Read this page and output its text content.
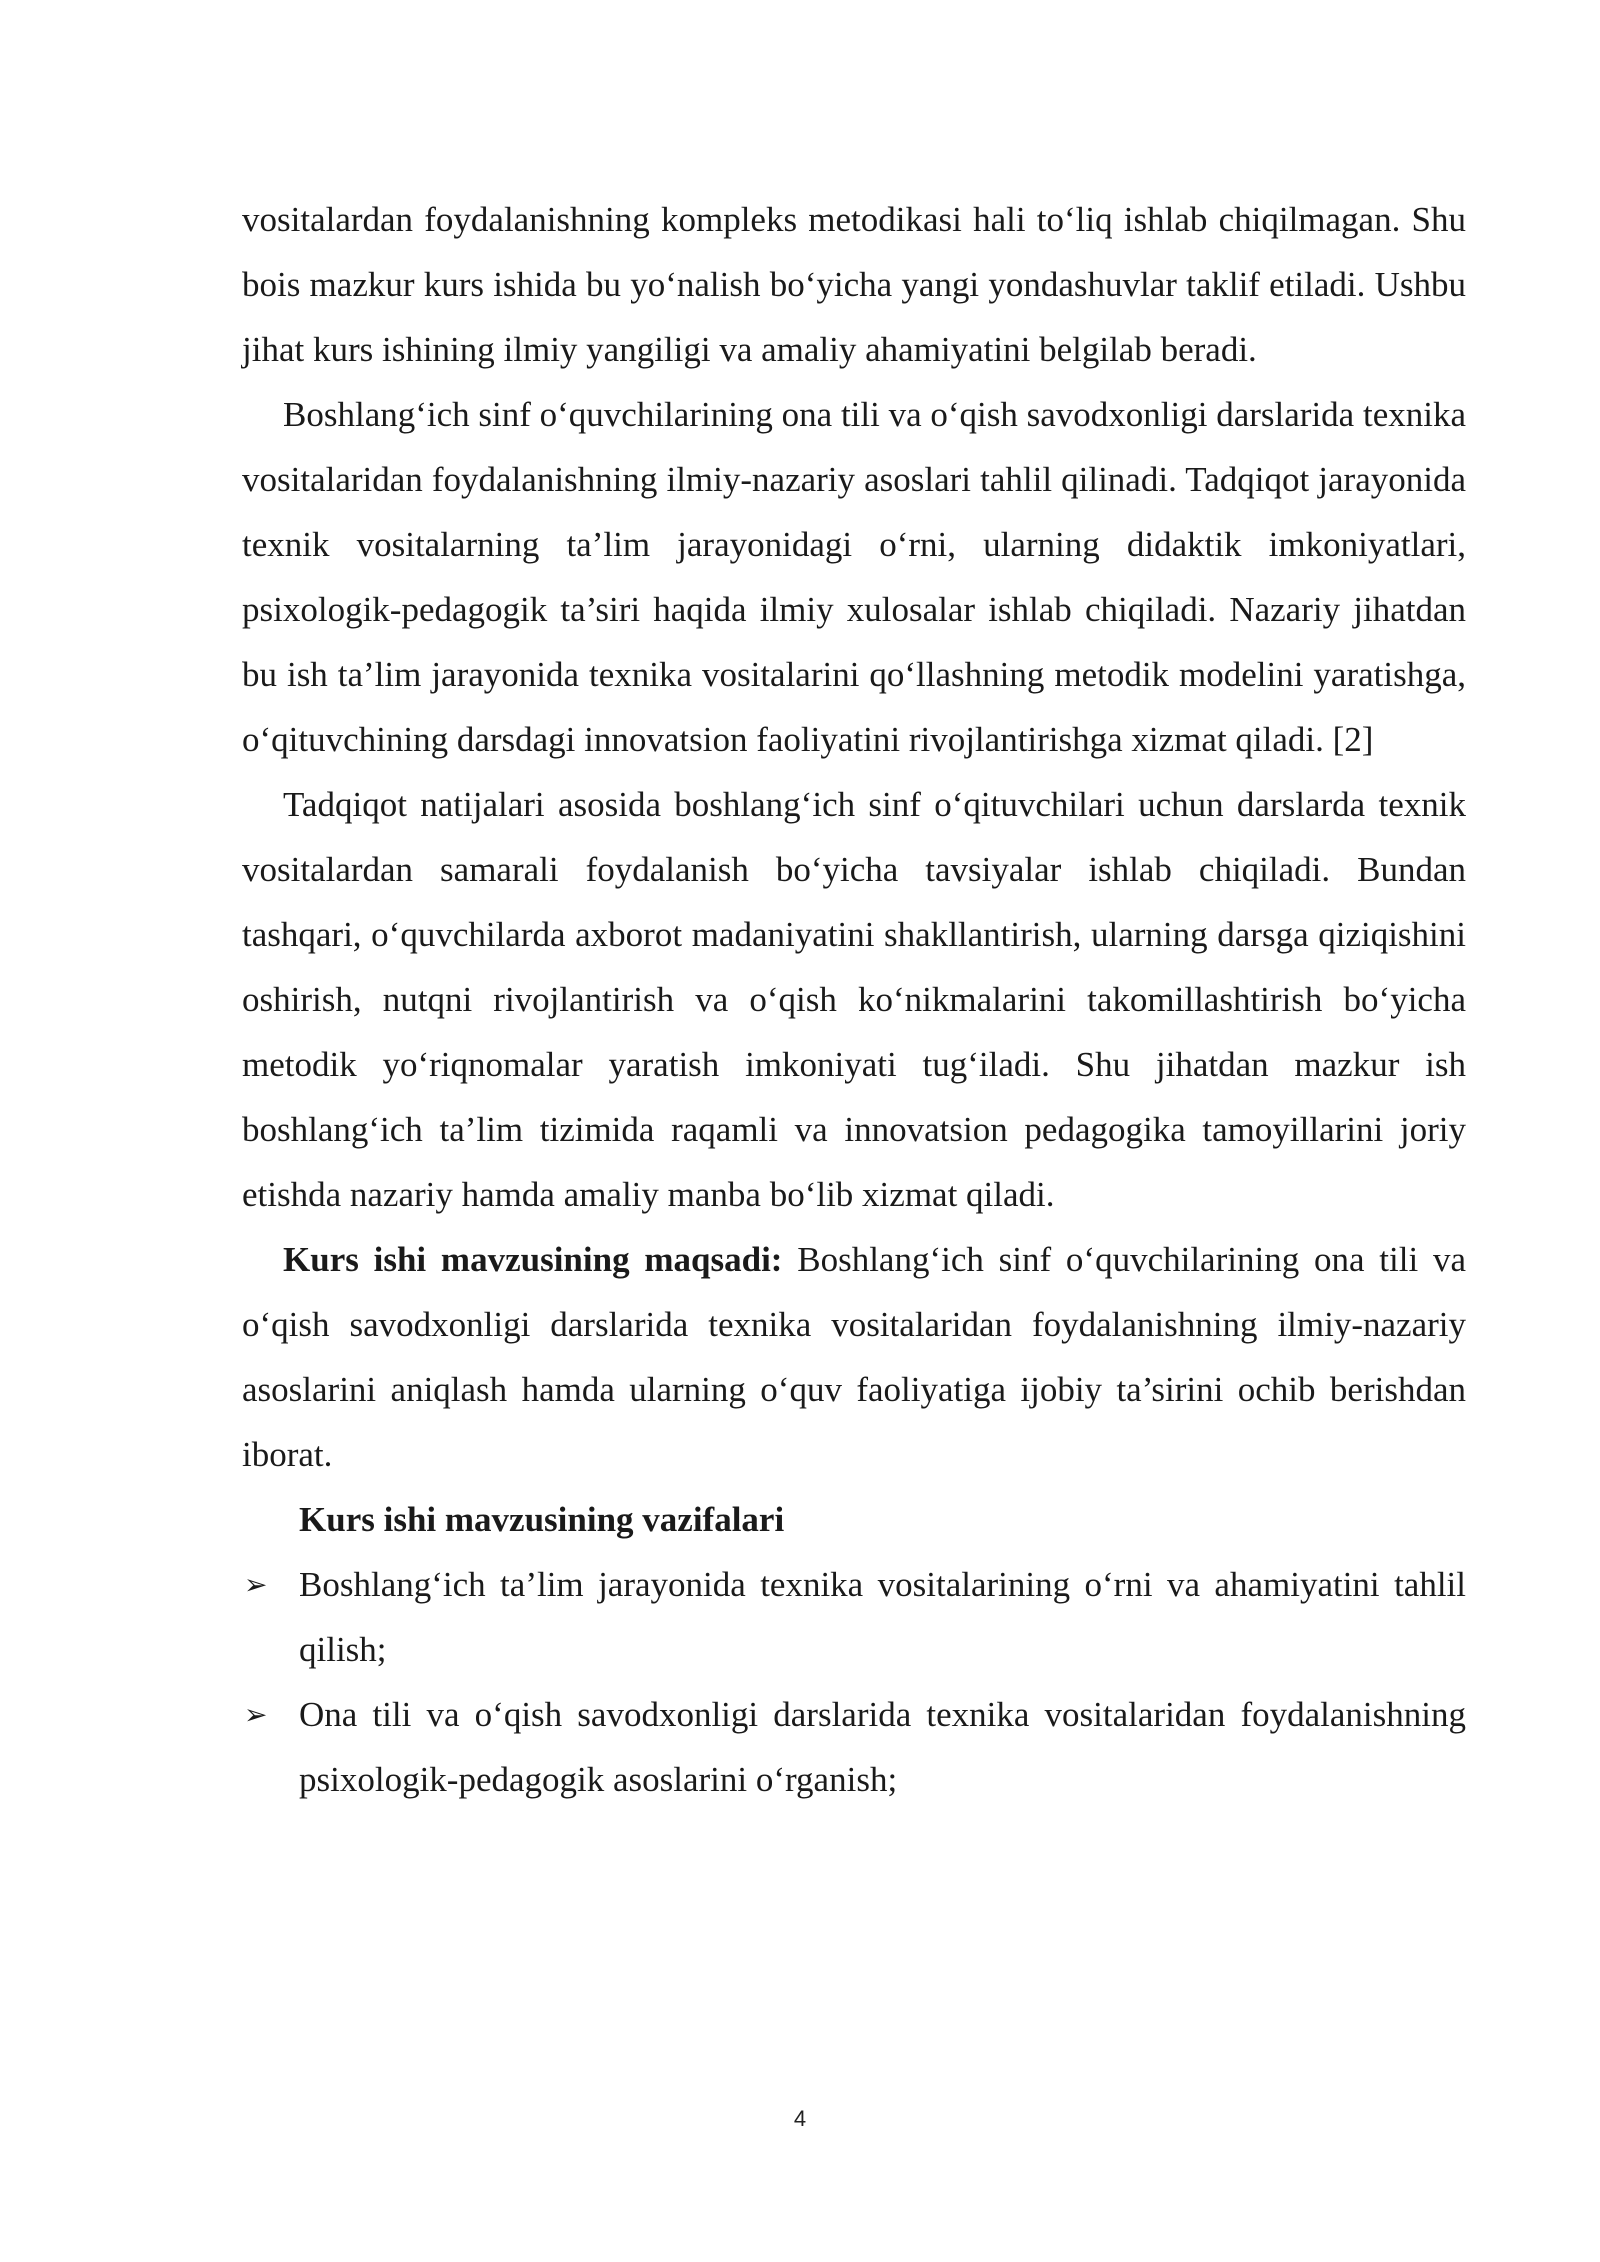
vositalardan foydalanishning kompleks metodikasi hali to‘liq ishlab chiqilmagan. Shu bois mazkur kurs ishida bu yo‘nalish bo‘yicha yangi yondashuvlar taklif etiladi. Ushbu jihat kurs ishining ilmiy yangiligi va amaliy ahamiyatini belgilab beradi.

Boshlang‘ich sinf o‘quvchilarining ona tili va o‘qish savodxonligi darslarida texnika vositalaridan foydalanishning ilmiy-nazariy asoslari tahlil qilinadi. Tadqiqot jarayonida texnik vositalarning ta’lim jarayonidagi o‘rni, ularning didaktik imkoniyatlari, psixologik-pedagogik ta’siri haqida ilmiy xulosalar ishlab chiqiladi. Nazariy jihatdan bu ish ta’lim jarayonida texnika vositalarini qo‘llashning metodik modelini yaratishga, o‘qituvchining darsdagi innovatsion faoliyatini rivojlantirishga xizmat qiladi. [2]

Tadqiqot natijalari asosida boshlang‘ich sinf o‘qituvchilari uchun darslarda texnik vositalardan samarali foydalanish bo‘yicha tavsiyalar ishlab chiqiladi. Bundan tashqari, o‘quvchilarda axborot madaniyatini shakllantirish, ularning darsga qiziqishini oshirish, nutqni rivojlantirish va o‘qish ko‘nikmalarini takomillashtirish bo‘yicha metodik yo‘riqnomalar yaratish imkoniyati tug‘iladi. Shu jihatdan mazkur ish boshlang‘ich ta’lim tizimida raqamli va innovatsion pedagogika tamoyillarini joriy etishda nazariy hamda amaliy manba bo‘lib xizmat qiladi.

Kurs ishi mavzusining maqsadi: Boshlang‘ich sinf o‘quvchilarining ona tili va o‘qish savodxonligi darslarida texnika vositalaridan foydalanishning ilmiy-nazariy asoslarini aniqlash hamda ularning o‘quv faoliyatiga ijobiy ta’sirini ochib berishdan iborat.

Kurs ishi mavzusining vazifalari

➢ Boshlang‘ich ta’lim jarayonida texnika vositalarining o‘rni va ahamiyatini tahlil qilish;
➢ Ona tili va o‘qish savodxonligi darslarida texnika vositalaridan foydalanishning psixologik-pedagogik asoslarini o‘rganish;
4
